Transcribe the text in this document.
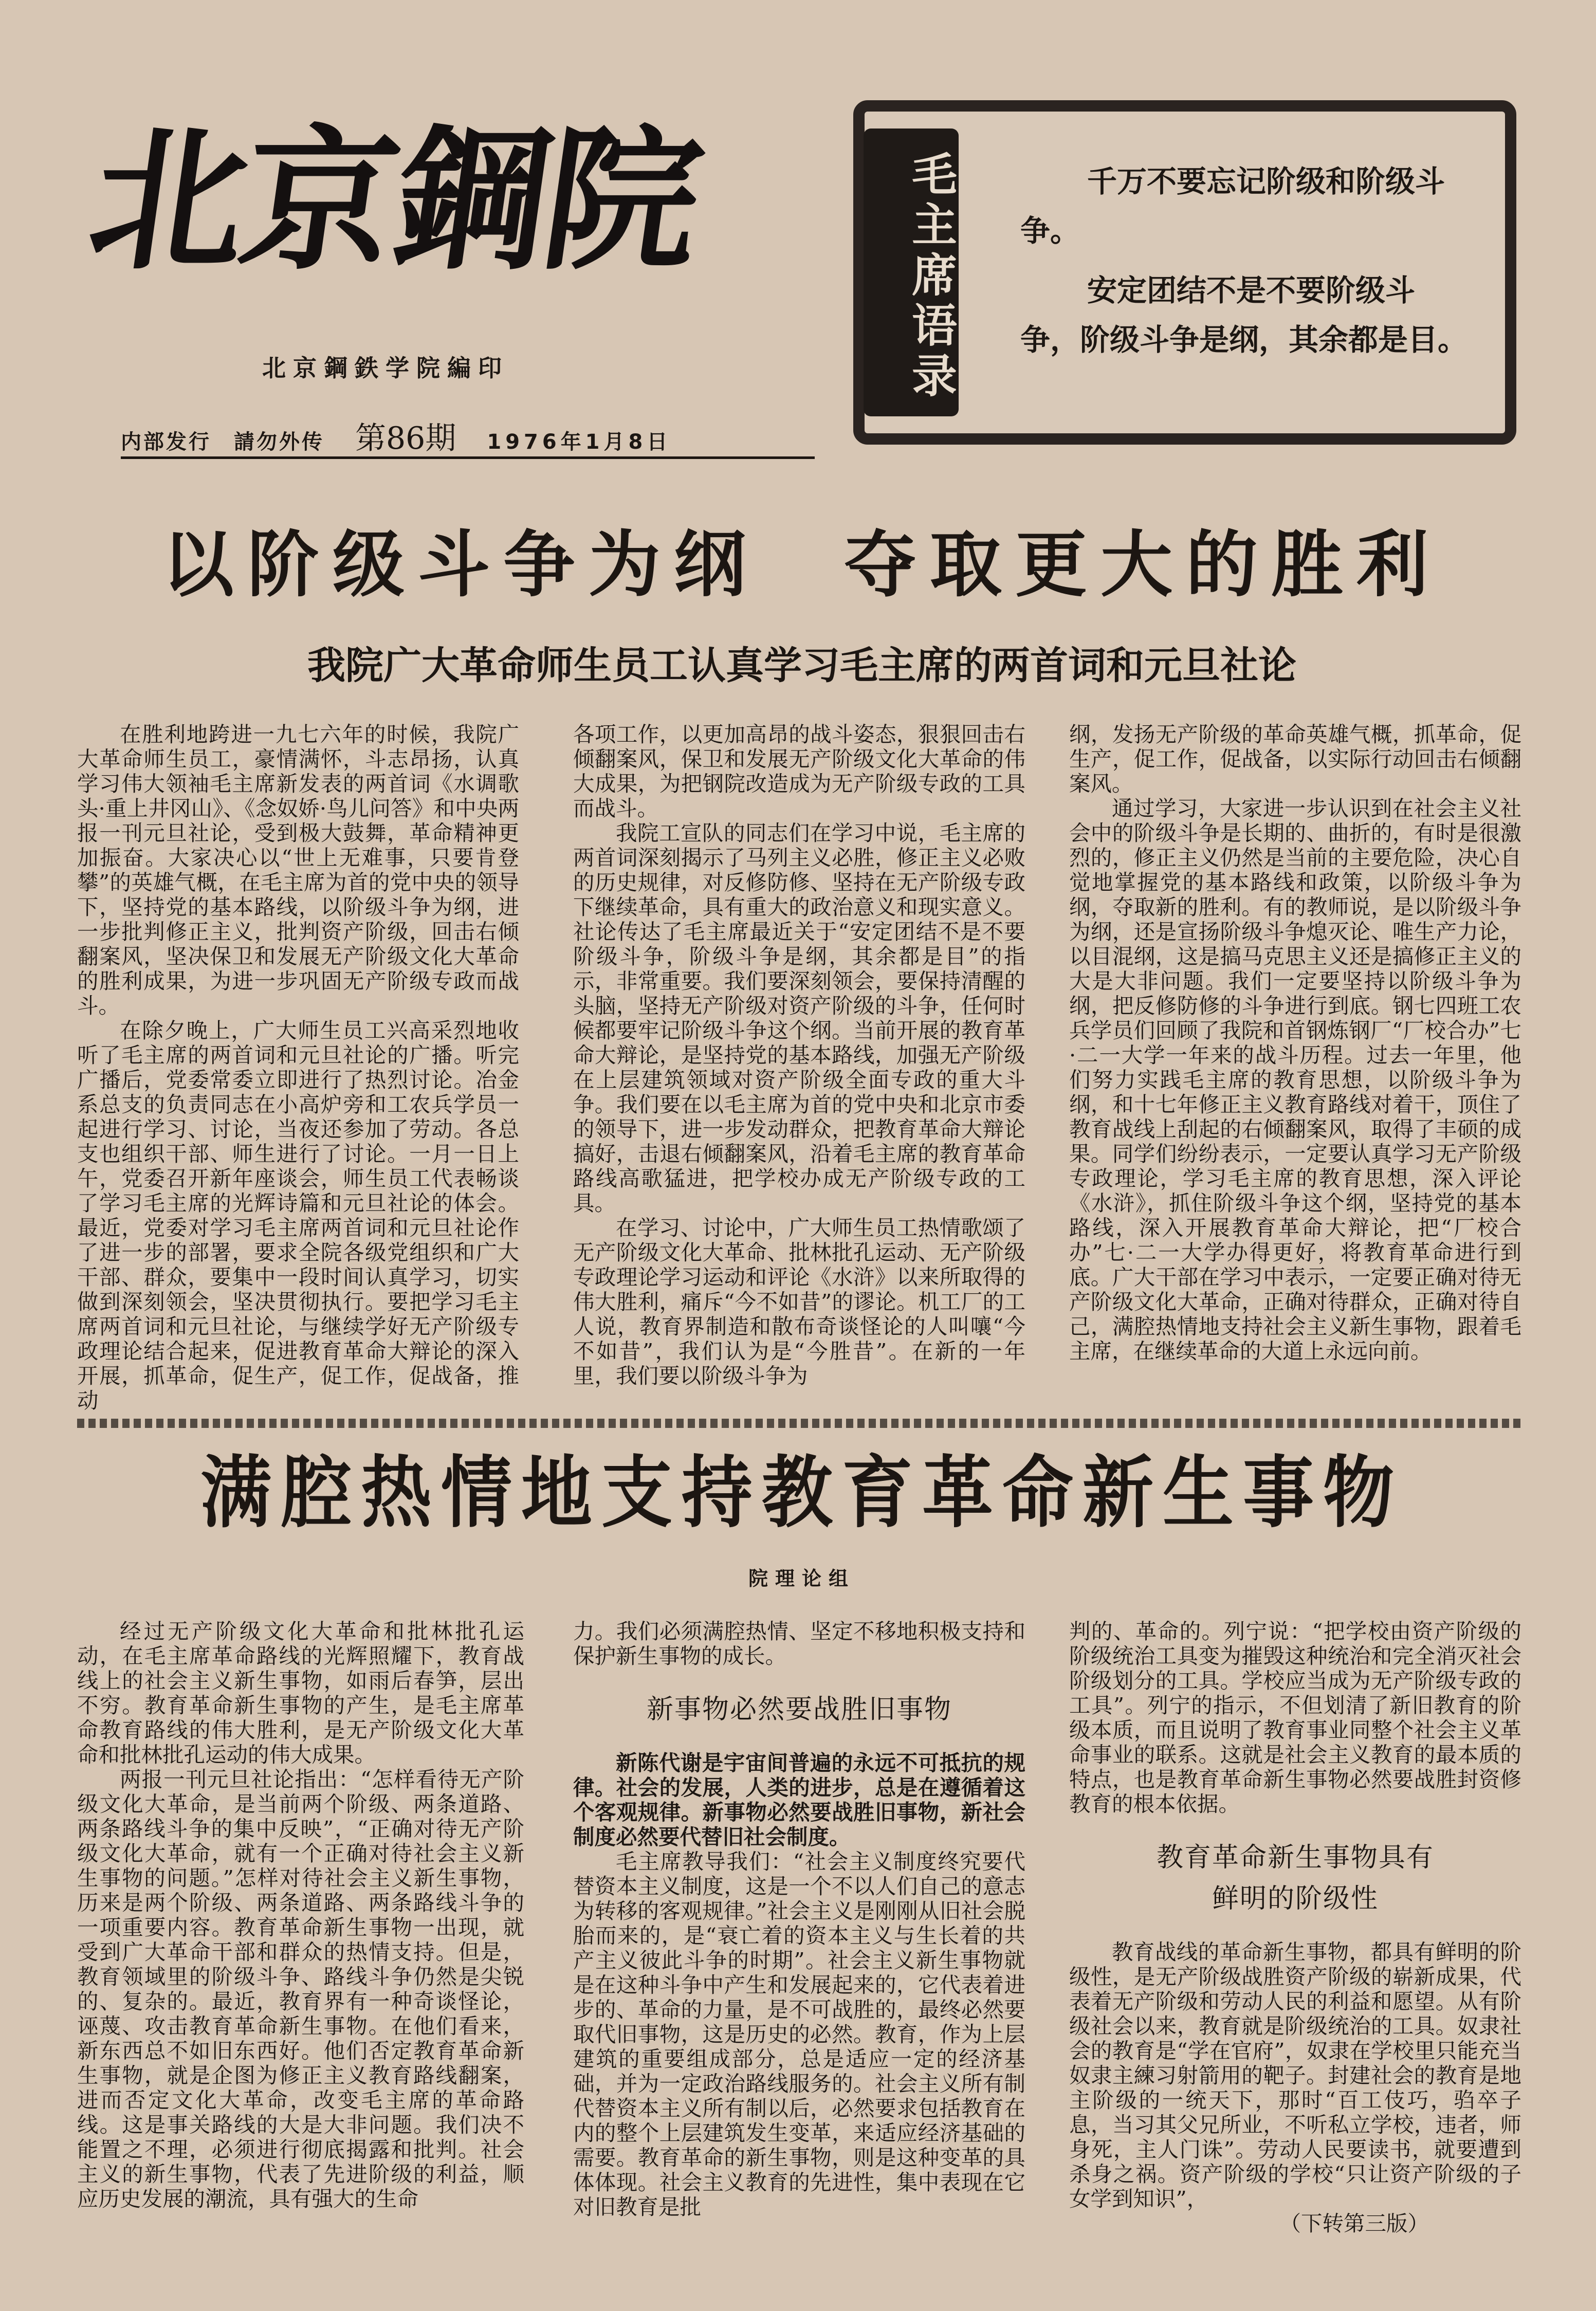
北京鋼院
北京鋼鉄学院編印
内部发行　請勿外传 第86期 1976年1月8日
毛主席语录	千万不要忘记阶级和阶级斗争。

安定团结不是不要阶级斗争，阶级斗争是纲，其余都是目。

以阶级斗争为纲　夺取更大的胜利
我院广大革命师生员工认真学习毛主席的两首词和元旦社论

在胜利地跨进一九七六年的时候，我院广大革命师生员工，豪情满怀，斗志昂扬，认真学习伟大领袖毛主席新发表的两首词《水调歌头·重上井冈山》、《念奴娇·鸟儿问答》和中央两报一刊元旦社论，受到极大鼓舞，革命精神更加振奋。大家决心以“世上无难事，只要肯登攀”的英雄气概，在毛主席为首的党中央的领导下，坚持党的基本路线，以阶级斗争为纲，进一步批判修正主义，批判资产阶级，回击右倾翻案风，坚决保卫和发展无产阶级文化大革命的胜利成果，为进一步巩固无产阶级专政而战斗。

在除夕晚上，广大师生员工兴高采烈地收听了毛主席的两首词和元旦社论的广播。听完广播后，党委常委立即进行了热烈讨论。冶金系总支的负责同志在小高炉旁和工农兵学员一起进行学习、讨论，当夜还参加了劳动。各总支也组织干部、师生进行了讨论。一月一日上午，党委召开新年座谈会，师生员工代表畅谈了学习毛主席的光辉诗篇和元旦社论的体会。最近，党委对学习毛主席两首词和元旦社论作了进一步的部署，要求全院各级党组织和广大干部、群众，要集中一段时间认真学习，切实做到深刻领会，坚决贯彻执行。要把学习毛主席两首词和元旦社论，与继续学好无产阶级专政理论结合起来，促进教育革命大辩论的深入开展，抓革命，促生产，促工作，促战备，推动

各项工作，以更加高昂的战斗姿态，狠狠回击右倾翻案风，保卫和发展无产阶级文化大革命的伟大成果，为把钢院改造成为无产阶级专政的工具而战斗。

我院工宣队的同志们在学习中说，毛主席的两首词深刻揭示了马列主义必胜，修正主义必败的历史规律，对反修防修、坚持在无产阶级专政下继续革命，具有重大的政治意义和现实意义。社论传达了毛主席最近关于“安定团结不是不要阶级斗争，阶级斗争是纲，其余都是目”的指示，非常重要。我们要深刻领会，要保持清醒的头脑，坚持无产阶级对资产阶级的斗争，任何时候都要牢记阶级斗争这个纲。当前开展的教育革命大辩论，是坚持党的基本路线，加强无产阶级在上层建筑领域对资产阶级全面专政的重大斗争。我们要在以毛主席为首的党中央和北京市委的领导下，进一步发动群众，把教育革命大辩论搞好，击退右倾翻案风，沿着毛主席的教育革命路线高歌猛进，把学校办成无产阶级专政的工具。

在学习、讨论中，广大师生员工热情歌颂了无产阶级文化大革命、批林批孔运动、无产阶级专政理论学习运动和评论《水浒》以来所取得的伟大胜利，痛斥“今不如昔”的谬论。机工厂的工人说，教育界制造和散布奇谈怪论的人叫嚷“今不如昔”，我们认为是“今胜昔”。在新的一年里，我们要以阶级斗争为

纲，发扬无产阶级的革命英雄气概，抓革命，促生产，促工作，促战备，以实际行动回击右倾翻案风。

通过学习，大家进一步认识到在社会主义社会中的阶级斗争是长期的、曲折的，有时是很激烈的，修正主义仍然是当前的主要危险，决心自觉地掌握党的基本路线和政策，以阶级斗争为纲，夺取新的胜利。有的教师说，是以阶级斗争为纲，还是宣扬阶级斗争熄灭论、唯生产力论，以目混纲，这是搞马克思主义还是搞修正主义的大是大非问题。我们一定要坚持以阶级斗争为纲，把反修防修的斗争进行到底。钢七四班工农兵学员们回顾了我院和首钢炼钢厂“厂校合办”七·二一大学一年来的战斗历程。过去一年里，他们努力实践毛主席的教育思想，以阶级斗争为纲，和十七年修正主义教育路线对着干，顶住了教育战线上刮起的右倾翻案风，取得了丰硕的成果。同学们纷纷表示，一定要认真学习无产阶级专政理论，学习毛主席的教育思想，深入评论《水浒》，抓住阶级斗争这个纲，坚持党的基本路线，深入开展教育革命大辩论，把“厂校合办”七·二一大学办得更好，将教育革命进行到底。广大干部在学习中表示，一定要正确对待无产阶级文化大革命，正确对待群众，正确对待自己，满腔热情地支持社会主义新生事物，跟着毛主席，在继续革命的大道上永远向前。

满腔热情地支持教育革命新生事物
院理论组

经过无产阶级文化大革命和批林批孔运动，在毛主席革命路线的光辉照耀下，教育战线上的社会主义新生事物，如雨后春笋，层出不穷。教育革命新生事物的产生，是毛主席革命教育路线的伟大胜利，是无产阶级文化大革命和批林批孔运动的伟大成果。

两报一刊元旦社论指出：“怎样看待无产阶级文化大革命，是当前两个阶级、两条道路、两条路线斗争的集中反映”，“正确对待无产阶级文化大革命，就有一个正确对待社会主义新生事物的问题。”怎样对待社会主义新生事物，历来是两个阶级、两条道路、两条路线斗争的一项重要内容。教育革命新生事物一出现，就受到广大革命干部和群众的热情支持。但是，教育领域里的阶级斗争、路线斗争仍然是尖锐的、复杂的。最近，教育界有一种奇谈怪论，诬蔑、攻击教育革命新生事物。在他们看来，新东西总不如旧东西好。他们否定教育革命新生事物，就是企图为修正主义教育路线翻案，进而否定文化大革命，改变毛主席的革命路线。这是事关路线的大是大非问题。我们决不能置之不理，必须进行彻底揭露和批判。社会主义的新生事物，代表了先进阶级的利益，顺应历史发展的潮流，具有强大的生命

力。我们必须满腔热情、坚定不移地积极支持和保护新生事物的成长。

新事物必然要战胜旧事物

新陈代谢是宇宙间普遍的永远不可抵抗的规律。社会的发展，人类的进步，总是在遵循着这个客观规律。新事物必然要战胜旧事物，新社会制度必然要代替旧社会制度。

毛主席教导我们：“社会主义制度终究要代替资本主义制度，这是一个不以人们自己的意志为转移的客观规律。”社会主义是刚刚从旧社会脱胎而来的，是“衰亡着的资本主义与生长着的共产主义彼此斗争的时期”。社会主义新生事物就是在这种斗争中产生和发展起来的，它代表着进步的、革命的力量，是不可战胜的，最终必然要取代旧事物，这是历史的必然。教育，作为上层建筑的重要组成部分，总是适应一定的经济基础，并为一定政治路线服务的。社会主义所有制代替资本主义所有制以后，必然要求包括教育在内的整个上层建筑发生变革，来适应经济基础的需要。教育革命的新生事物，则是这种变革的具体体现。社会主义教育的先进性，集中表现在它对旧教育是批

判的、革命的。列宁说：“把学校由资产阶级的阶级统治工具变为摧毁这种统治和完全消灭社会阶级划分的工具。学校应当成为无产阶级专政的工具”。列宁的指示，不但划清了新旧教育的阶级本质，而且说明了教育事业同整个社会主义革命事业的联系。这就是社会主义教育的最本质的特点，也是教育革命新生事物必然要战胜封资修教育的根本依据。

教育革命新生事物具有
鲜明的阶级性

教育战线的革命新生事物，都具有鲜明的阶级性，是无产阶级战胜资产阶级的崭新成果，代表着无产阶级和劳动人民的利益和愿望。从有阶级社会以来，教育就是阶级统治的工具。奴隶社会的教育是“学在官府”，奴隶在学校里只能充当奴隶主練习射箭用的靶子。封建社会的教育是地主阶级的一统天下，那时“百工伎巧，驺卒子息，当习其父兄所业，不听私立学校，违者，师身死，主人门诛”。劳动人民要读书，就要遭到杀身之祸。资产阶级的学校“只让资产阶级的子女学到知识”，

（下转第三版）
